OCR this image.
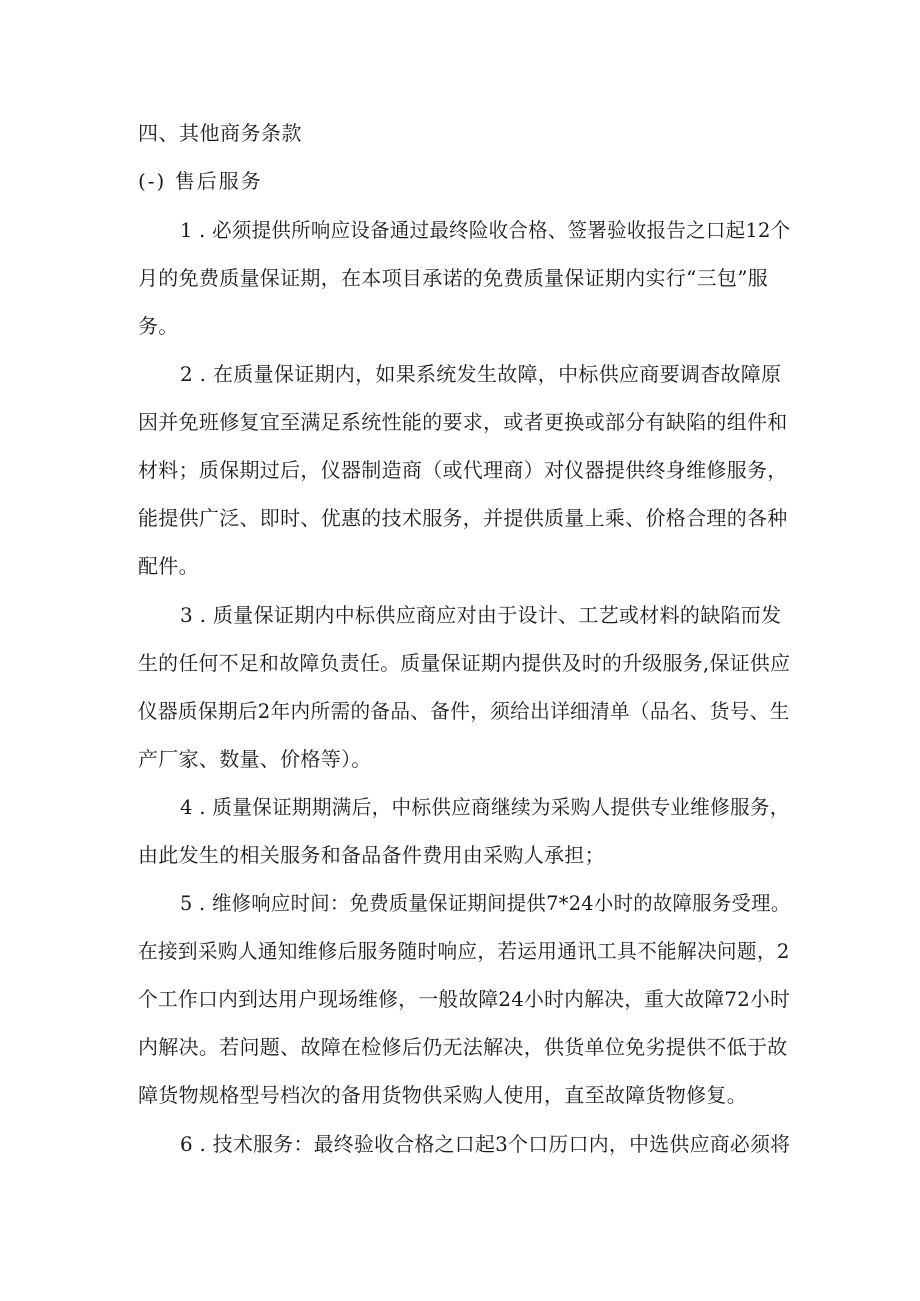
四、其他商务条款
(-) 售后服务
1 . 必须提供所响应设备通过最终险收合格、签署验收报告之口起12个
月的免费质量保证期，在本项目承诺的免费质量保证期内实行“三包”服
务。
2 . 在质量保证期内，如果系统发生故障，中标供应商要调杳故障原
因并免班修复宜至满足系统性能的要求，或者更换或部分有缺陷的组件和
材料；质保期过后，仪器制造商（或代理商）对仪器提供终身维修服务，
能提供广泛、即时、优惠的技术服务，并提供质量上乘、价格合理的各种
配件。
3 . 质量保证期内中标供应商应对由于设计、工艺或材料的缺陷而发
生的任何不足和故障负责任。质量保证期内提供及时的升级服务,保证供应
仪器质保期后2年内所需的备品、备件，须给出详细清单（品名、货号、生
产厂家、数量、价格等）。
4 . 质量保证期期满后，中标供应商继续为采购人提供专业维修服务，
由此发生的相关服务和备品备件费用由采购人承担；
5 . 维修响应时间：免费质量保证期间提供7*24小时的故障服务受理。
在接到采购人通知维修后服务随时响应，若运用通讯工具不能解决问题，2
个工作口内到达用户现场维修，一般故障24小时内解决，重大故障72小时
内解决。若问题、故障在检修后仍无法解决，供货单位免劣提供不低于故
障货物规格型号档次的备用货物供采购人使用，直至故障货物修复。
6 . 技术服务：最终验收合格之口起3个口历口内，中选供应商必须将
